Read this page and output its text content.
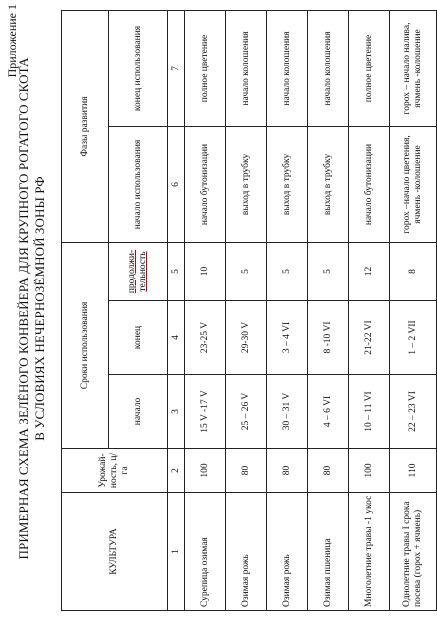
Приложение 1
ПРИМЕРНАЯ СХЕМА ЗЕЛЁНОГО КОНВЕЙЕРА ДЛЯ КРУПНОГО РОГАТОГО СКОТА В УСЛОВИЯХ НЕЧЕРНОЗЁМНОЙ ЗОНЫ РФ
КУЛЬТУРА	Урожай-ность, ц/га	Сроки использования			Фазы развития	
		начало	конец	продолжи-тельность	начало использования	конец использования
1	2	3	4	5	6	7
Сурепица озимая	100	15 V -17 V	23-25 V	10	начало бутонизации	полное цветение
Озимая рожь	80	25 – 26 V	29-30 V	5	выход в трубку	начало колошения
Озимая рожь	80	30 – 31 V	3 – 4 VI	5	выход в трубку	начало колошения
Озимая пшеница	80	4 – 6 VI	8 -10 VI	5	выход в трубку	начало колошения
Многолетние травы -1 укос	100	10 – 11 VI	21-22 VI	12	начало бутонизации	полное цветение
Однолетние травы I срока посева (горох + ячмень)	110	22 – 23 VI	1 – 2 VII	8	горох –начало цветения, ячмень -колошение	горох – начало налива, ячмень -колошение
